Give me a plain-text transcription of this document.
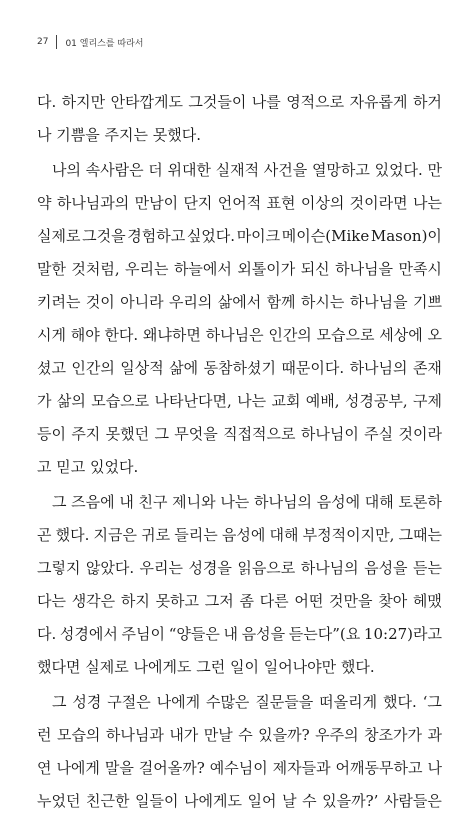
27 01 엘리스를 따라서
다. 하지만 안타깝게도 그것들이 나를 영적으로 자유롭게 하거
나 기쁨을 주지는 못했다.
나의 속사람은 더 위대한 실재적 사건을 열망하고 있었다. 만
약 하나님과의 만남이 단지 언어적 표현 이상의 것이라면 나는
실제로 그것을 경험하고 싶었다. 마이크 메이슨(Mike Mason)이
말한 것처럼, 우리는 하늘에서 외톨이가 되신 하나님을 만족시
키려는 것이 아니라 우리의 삶에서 함께 하시는 하나님을 기쁘
시게 해야 한다. 왜냐하면 하나님은 인간의 모습으로 세상에 오
셨고 인간의 일상적 삶에 동참하셨기 때문이다. 하나님의 존재
가 삶의 모습으로 나타난다면, 나는 교회 예배, 성경공부, 구제
등이 주지 못했던 그 무엇을 직접적으로 하나님이 주실 것이라
고 믿고 있었다.
그 즈음에 내 친구 제니와 나는 하나님의 음성에 대해 토론하
곤 했다. 지금은 귀로 들리는 음성에 대해 부정적이지만, 그때는
그렇지 않았다. 우리는 성경을 읽음으로 하나님의 음성을 듣는
다는 생각은 하지 못하고 그저 좀 다른 어떤 것만을 찾아 헤맸
다. 성경에서 주님이 “양들은 내 음성을 듣는다”(요 10:27)라고
했다면 실제로 나에게도 그런 일이 일어나야만 했다.
그 성경 구절은 나에게 수많은 질문들을 떠올리게 했다. ‘그
런 모습의 하나님과 내가 만날 수 있을까? 우주의 창조가가 과
연 나에게 말을 걸어올까? 예수님이 제자들과 어깨동무하고 나
누었던 친근한 일들이 나에게도 일어 날 수 있을까?’ 사람들은
